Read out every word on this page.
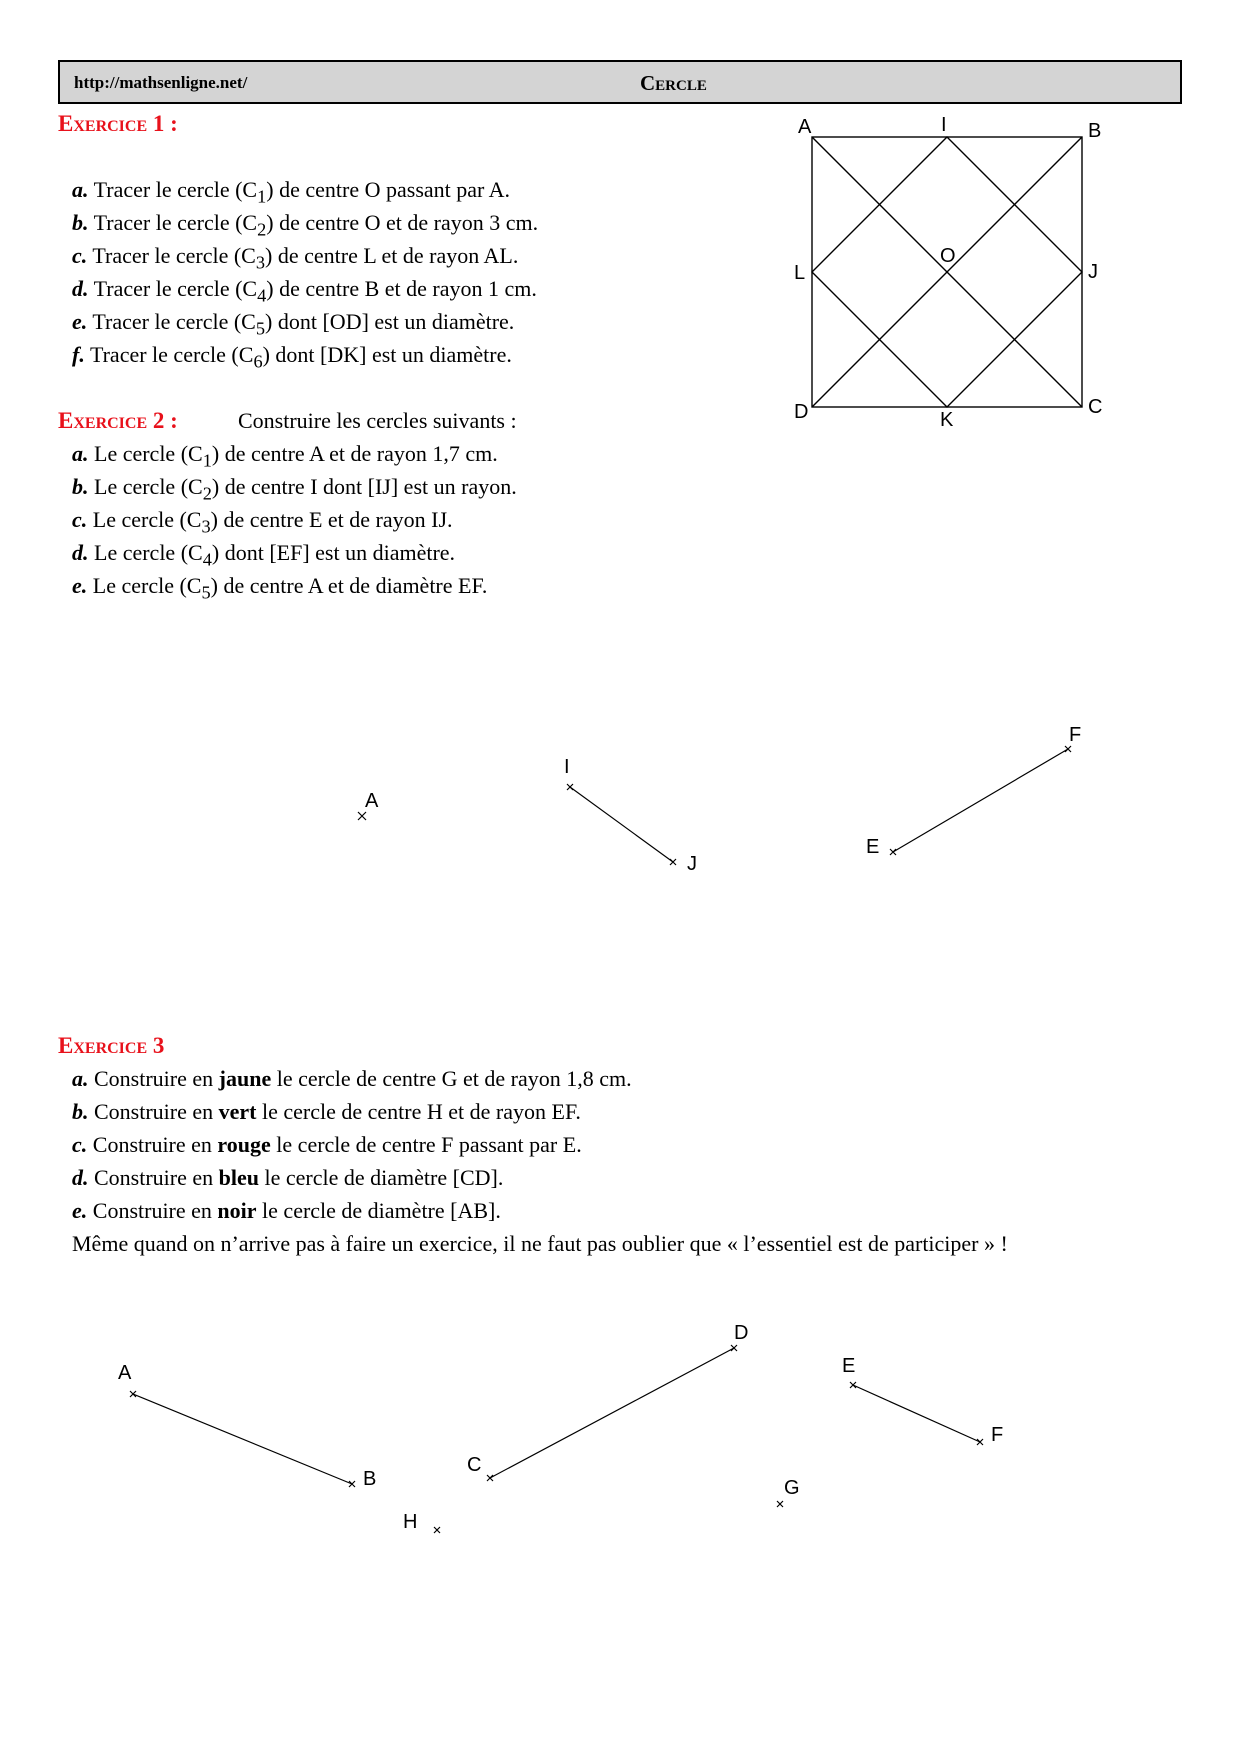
http://mathsenligne.net/	Cercle
Exercice 1 :
a. Tracer le cercle $(C_1)$ de centre O passant par A.
b. Tracer le cercle $(C_2)$ de centre O et de rayon 3 cm.
c. Tracer le cercle $(C_3)$ de centre L et de rayon AL.
d. Tracer le cercle $(C_4)$ de centre B et de rayon 1 cm.
e. Tracer le cercle $(C_5)$ dont [OD] est un diamètre.
f. Tracer le cercle $(C_6)$ dont [DK] est un diamètre.
Exercice 2 :	Construire les cercles suivants :
a. Le cercle $(C_1)$ de centre A et de rayon 1,7 cm.
b. Le cercle $(C_2)$ de centre I dont [IJ] est un rayon.
c. Le cercle $(C_3)$ de centre E et de rayon IJ.
d. Le cercle $(C_4)$ dont [EF] est un diamètre.
e. Le cercle $(C_5)$ de centre A et de diamètre EF.
Exercice 3
a. Construire en jaune le cercle de centre G et de rayon 1,8 cm.
b. Construire en vert le cercle de centre H et de rayon EF.
c. Construire en rouge le cercle de centre F passant par E.
d. Construire en bleu le cercle de diamètre [CD].
e. Construire en noir le cercle de diamètre [AB].
Même quand on n’arrive pas à faire un exercice, il ne faut pas oublier que « l’essentiel est de participer » !
A	I	B
L
O
J
D	K
C
A
I
J
E
F
A
B
C
D
E
F
G
H
